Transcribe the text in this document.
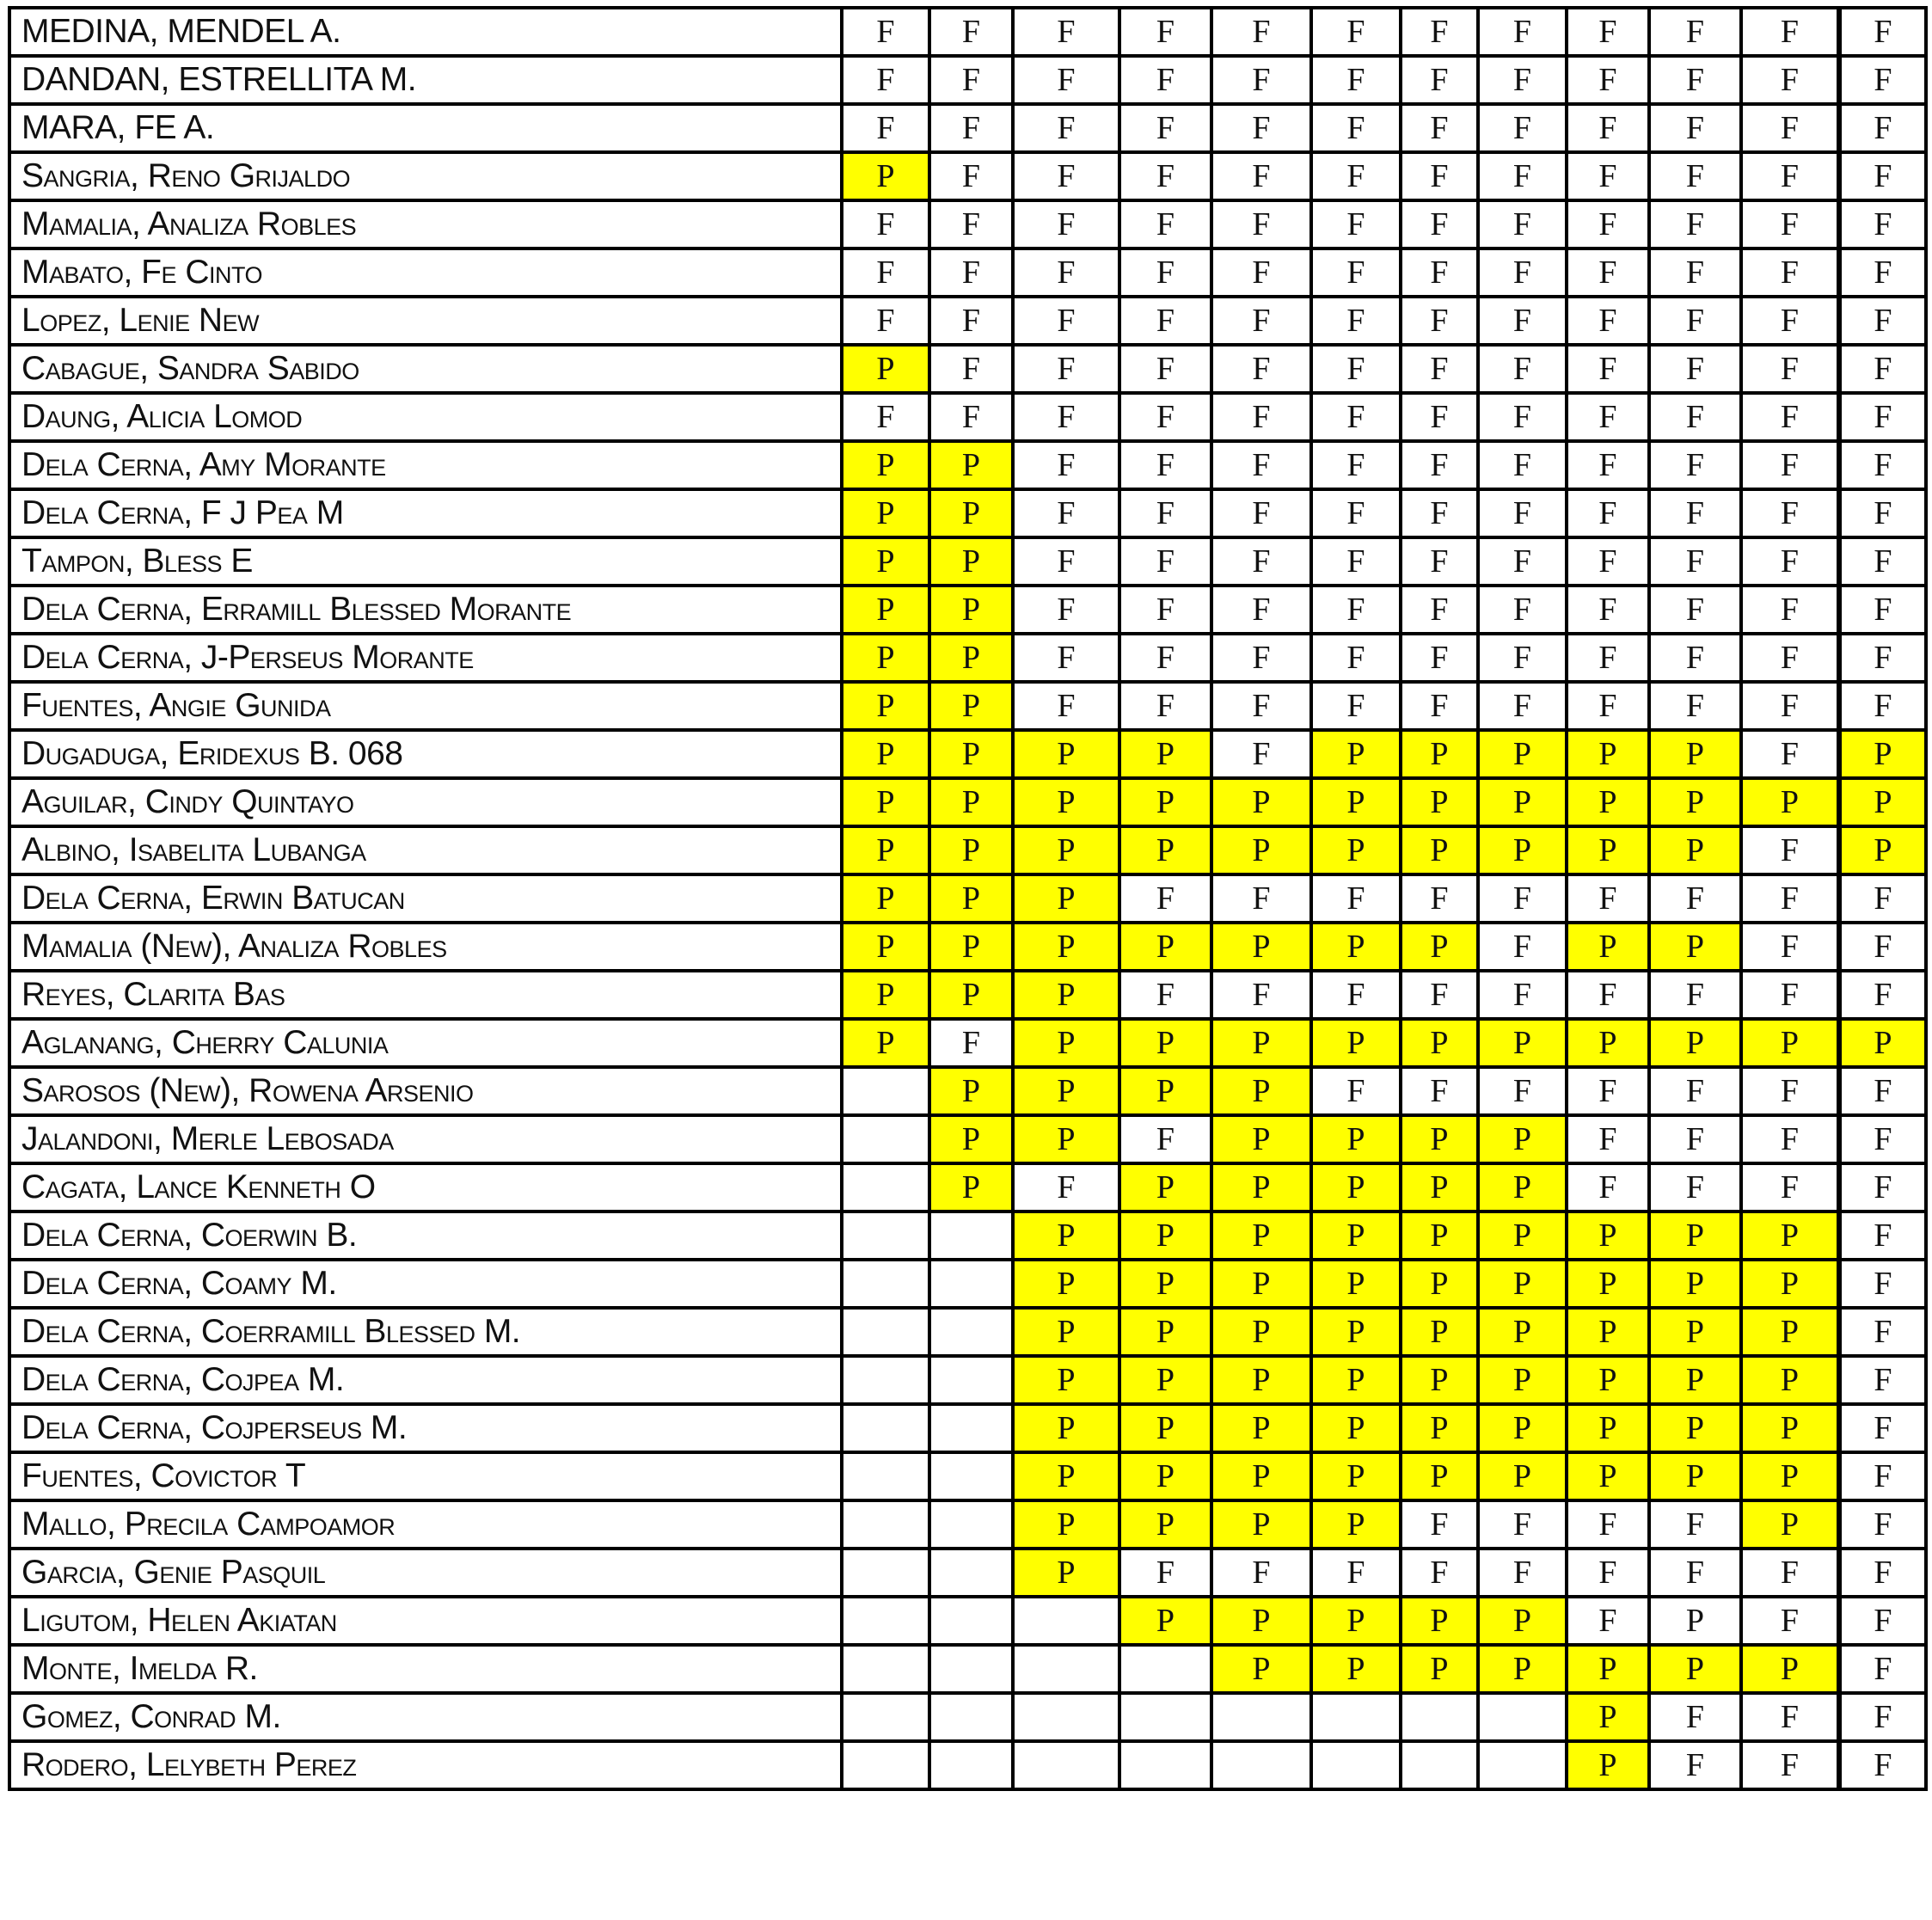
MEDINA, MENDEL A.	F	F	F	F	F	F	F	F	F	F	F	F
DANDAN, ESTRELLITA M.	F	F	F	F	F	F	F	F	F	F	F	F
MARA, FE A.	F	F	F	F	F	F	F	F	F	F	F	F
Sangria, Reno Grijaldo	P	F	F	F	F	F	F	F	F	F	F	F
Mamalia, Analiza Robles	F	F	F	F	F	F	F	F	F	F	F	F
Mabato, Fe Cinto	F	F	F	F	F	F	F	F	F	F	F	F
Lopez, Lenie New	F	F	F	F	F	F	F	F	F	F	F	F
Cabague, Sandra Sabido	P	F	F	F	F	F	F	F	F	F	F	F
Daung, Alicia Lomod	F	F	F	F	F	F	F	F	F	F	F	F
Dela Cerna, Amy Morante	P	P	F	F	F	F	F	F	F	F	F	F
Dela Cerna, F J Pea M	P	P	F	F	F	F	F	F	F	F	F	F
Tampon, Bless E	P	P	F	F	F	F	F	F	F	F	F	F
Dela Cerna, Erramill Blessed Morante	P	P	F	F	F	F	F	F	F	F	F	F
Dela Cerna, J-Perseus Morante	P	P	F	F	F	F	F	F	F	F	F	F
Fuentes, Angie Gunida	P	P	F	F	F	F	F	F	F	F	F	F
Dugaduga, Eridexus B. 068	P	P	P	P	F	P	P	P	P	P	F	P
Aguilar, Cindy Quintayo	P	P	P	P	P	P	P	P	P	P	P	P
Albino, Isabelita Lubanga	P	P	P	P	P	P	P	P	P	P	F	P
Dela Cerna, Erwin Batucan	P	P	P	F	F	F	F	F	F	F	F	F
Mamalia (New), Analiza Robles	P	P	P	P	P	P	P	F	P	P	F	F
Reyes, Clarita Bas	P	P	P	F	F	F	F	F	F	F	F	F
Aglanang, Cherry Calunia	P	F	P	P	P	P	P	P	P	P	P	P
Sarosos (New), Rowena Arsenio		P	P	P	P	F	F	F	F	F	F	F
Jalandoni, Merle Lebosada		P	P	F	P	P	P	P	F	F	F	F
Cagata, Lance Kenneth O		P	F	P	P	P	P	P	F	F	F	F
Dela Cerna, Coerwin B.			P	P	P	P	P	P	P	P	P	F
Dela Cerna, Coamy M.			P	P	P	P	P	P	P	P	P	F
Dela Cerna, Coerramill Blessed M.			P	P	P	P	P	P	P	P	P	F
Dela Cerna, Cojpea M.			P	P	P	P	P	P	P	P	P	F
Dela Cerna, Cojperseus M.			P	P	P	P	P	P	P	P	P	F
Fuentes, Covictor T			P	P	P	P	P	P	P	P	P	F
Mallo, Precila Campoamor			P	P	P	P	F	F	F	F	P	F
Garcia, Genie Pasquil			P	F	F	F	F	F	F	F	F	F
Ligutom, Helen Akiatan				P	P	P	P	P	F	P	F	F
Monte, Imelda R.					P	P	P	P	P	P	P	F
Gomez, Conrad M.									P	F	F	F
Rodero, Lelybeth Perez									P	F	F	F
